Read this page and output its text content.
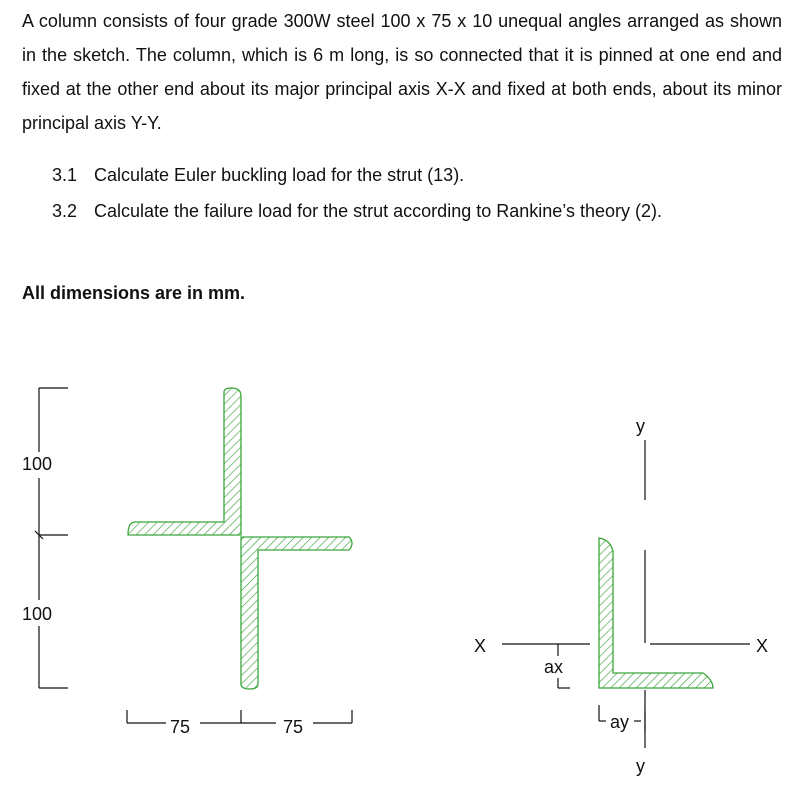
A column consists of four grade 300W steel 100 x 75 x 10 unequal angles arranged as shown in the sketch. The column, which is 6 m long, is so connected that it is pinned at one end and fixed at the other end about its major principal axis X-X and fixed at both ends, about its minor principal axis Y-Y.

3.1 Calculate Euler buckling load for the strut (13).
3.2 Calculate the failure load for the strut according to Rankine’s theory (2).

All dimensions are in mm.

100
100
75	75
y
y
X	X
ax
ay
